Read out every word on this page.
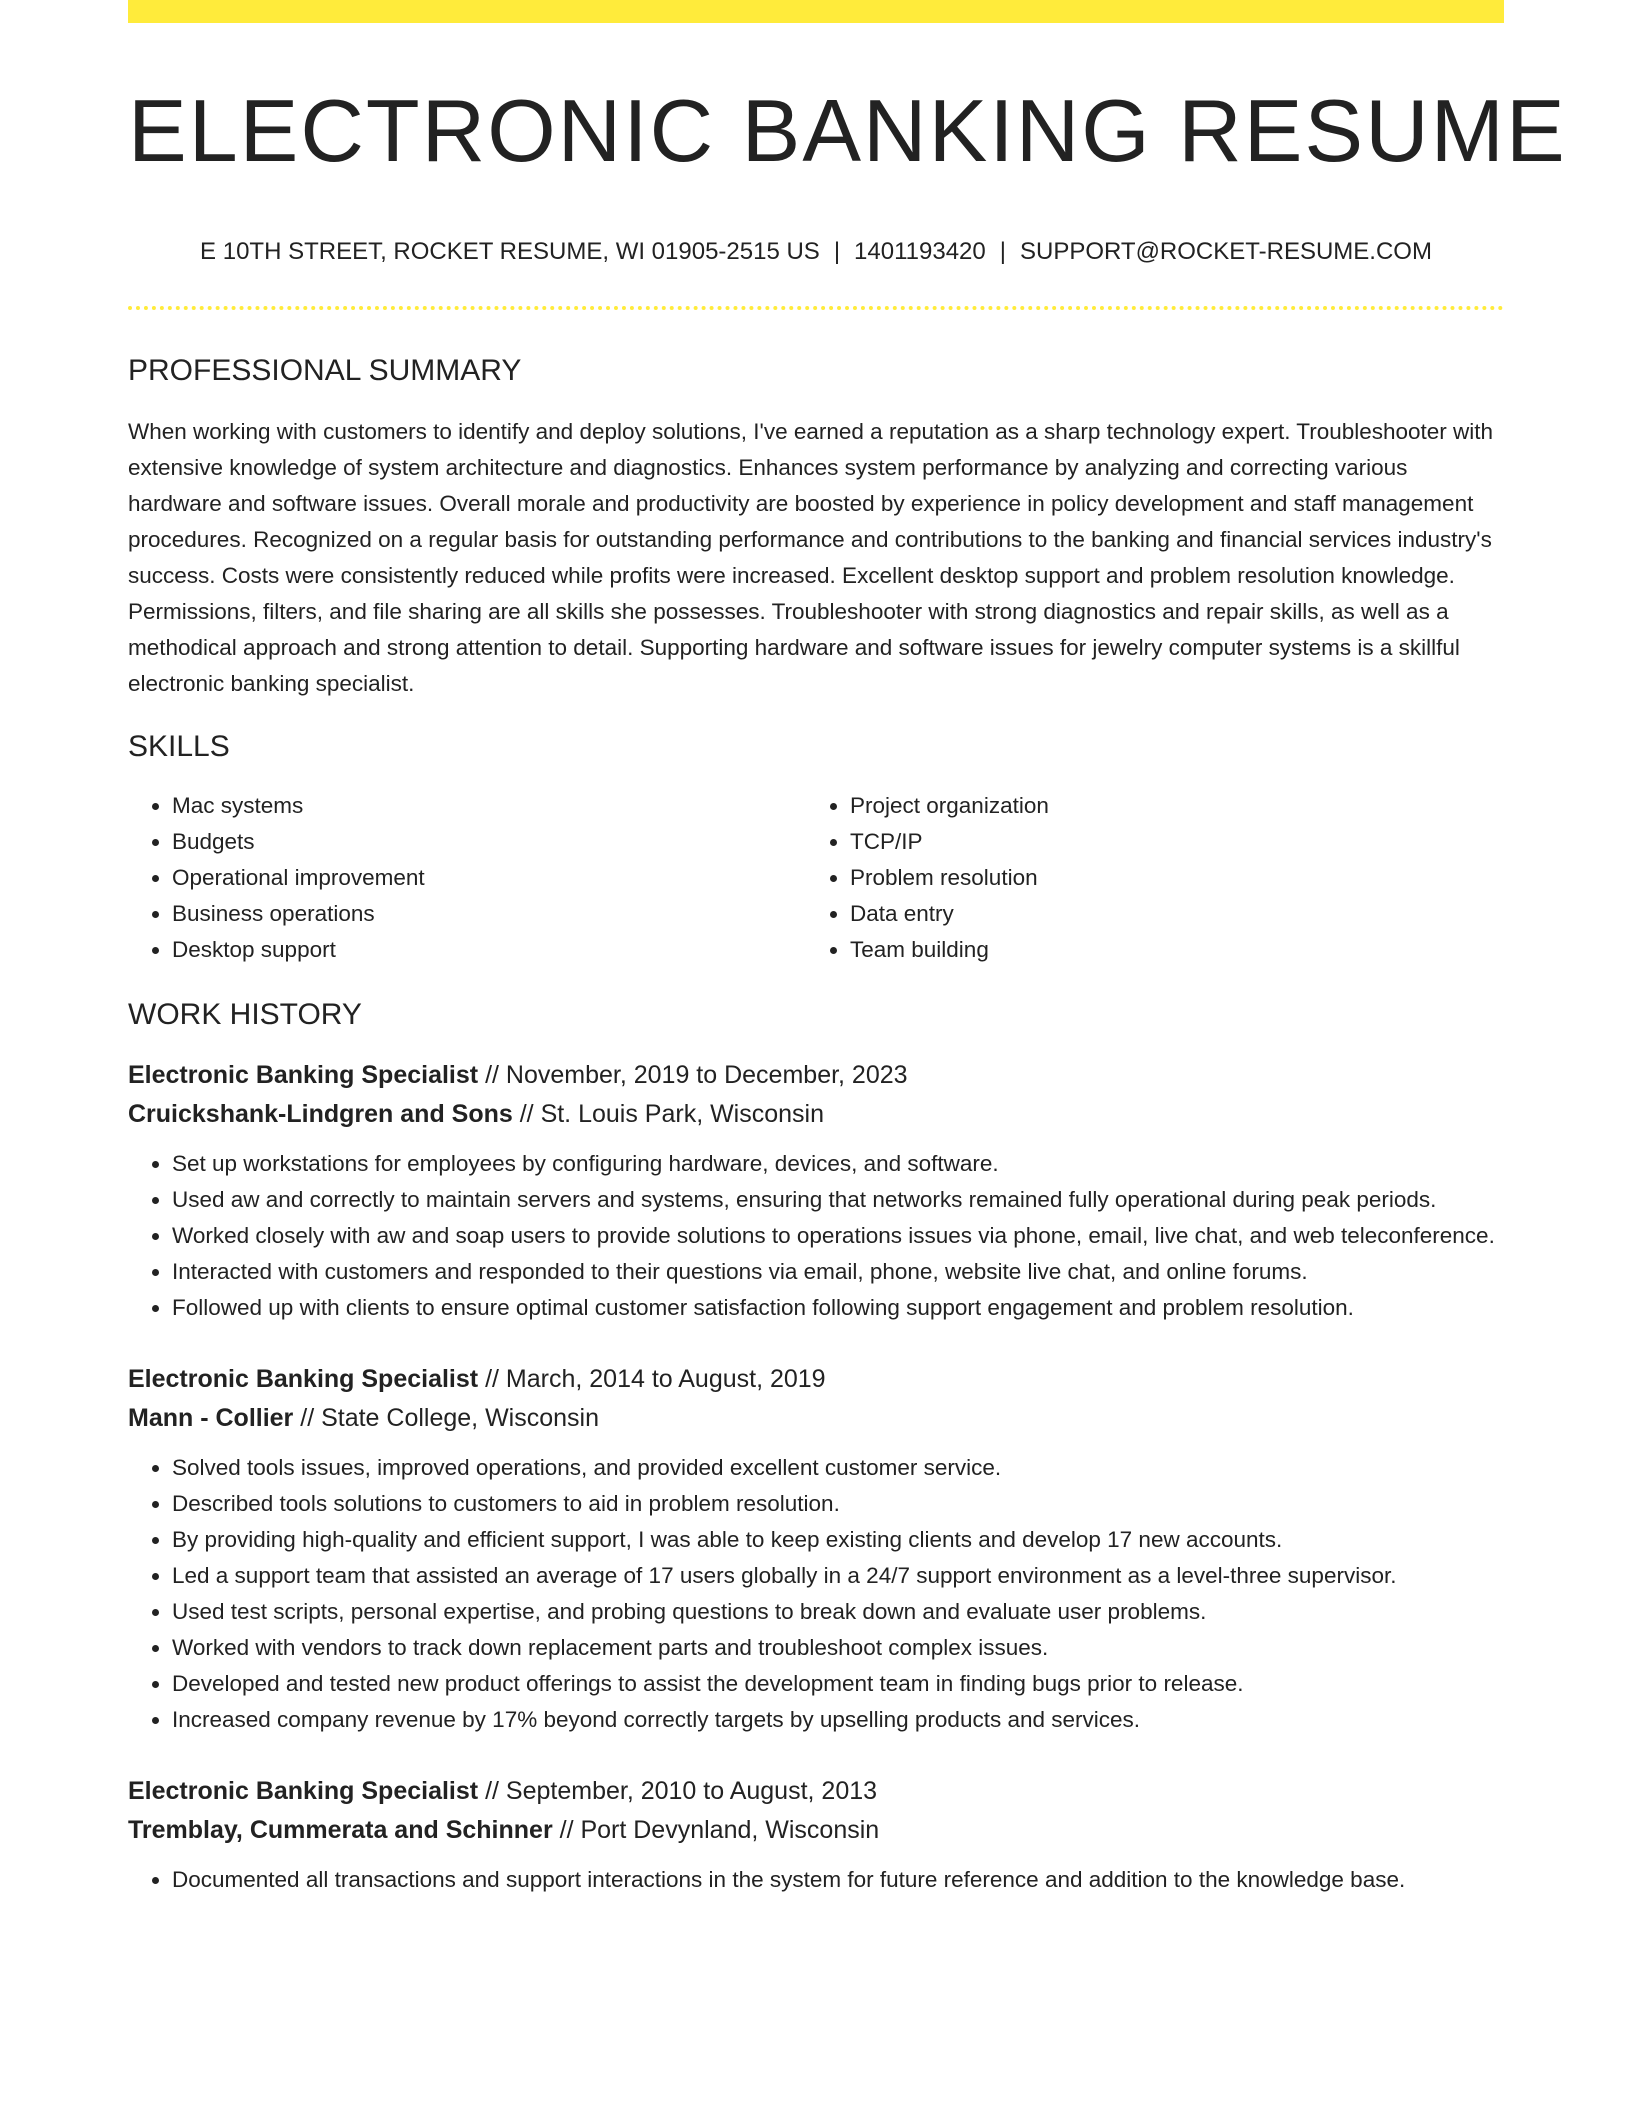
ELECTRONIC BANKING RESUME
E 10TH STREET, ROCKET RESUME, WI 01905-2515 US | 1401193420 | SUPPORT@ROCKET-RESUME.COM
PROFESSIONAL SUMMARY

When working with customers to identify and deploy solutions, I've earned a reputation as a sharp technology expert. Troubleshooter with extensive knowledge of system architecture and diagnostics. Enhances system performance by analyzing and correcting various hardware and software issues. Overall morale and productivity are boosted by experience in policy development and staff management procedures. Recognized on a regular basis for outstanding performance and contributions to the banking and financial services industry's success. Costs were consistently reduced while profits were increased. Excellent desktop support and problem resolution knowledge. Permissions, filters, and file sharing are all skills she possesses. Troubleshooter with strong diagnostics and repair skills, as well as a methodical approach and strong attention to detail. Supporting hardware and software issues for jewelry computer systems is a skillful electronic banking specialist.

SKILLS
• Mac systems
• Budgets
• Operational improvement
• Business operations
• Desktop support
• Project organization
• TCP/IP
• Problem resolution
• Data entry
• Team building
WORK HISTORY
Electronic Banking Specialist // November, 2019 to December, 2023
Cruickshank-Lindgren and Sons // St. Louis Park, Wisconsin
• Set up workstations for employees by configuring hardware, devices, and software.
• Used aw and correctly to maintain servers and systems, ensuring that networks remained fully operational during peak periods.
• Worked closely with aw and soap users to provide solutions to operations issues via phone, email, live chat, and web teleconference.
• Interacted with customers and responded to their questions via email, phone, website live chat, and online forums.
• Followed up with clients to ensure optimal customer satisfaction following support engagement and problem resolution.
Electronic Banking Specialist // March, 2014 to August, 2019
Mann - Collier // State College, Wisconsin
• Solved tools issues, improved operations, and provided excellent customer service.
• Described tools solutions to customers to aid in problem resolution.
• By providing high-quality and efficient support, I was able to keep existing clients and develop 17 new accounts.
• Led a support team that assisted an average of 17 users globally in a 24/7 support environment as a level-three supervisor.
• Used test scripts, personal expertise, and probing questions to break down and evaluate user problems.
• Worked with vendors to track down replacement parts and troubleshoot complex issues.
• Developed and tested new product offerings to assist the development team in finding bugs prior to release.
• Increased company revenue by 17% beyond correctly targets by upselling products and services.
Electronic Banking Specialist // September, 2010 to August, 2013
Tremblay, Cummerata and Schinner // Port Devynland, Wisconsin
• Documented all transactions and support interactions in the system for future reference and addition to the knowledge base.
